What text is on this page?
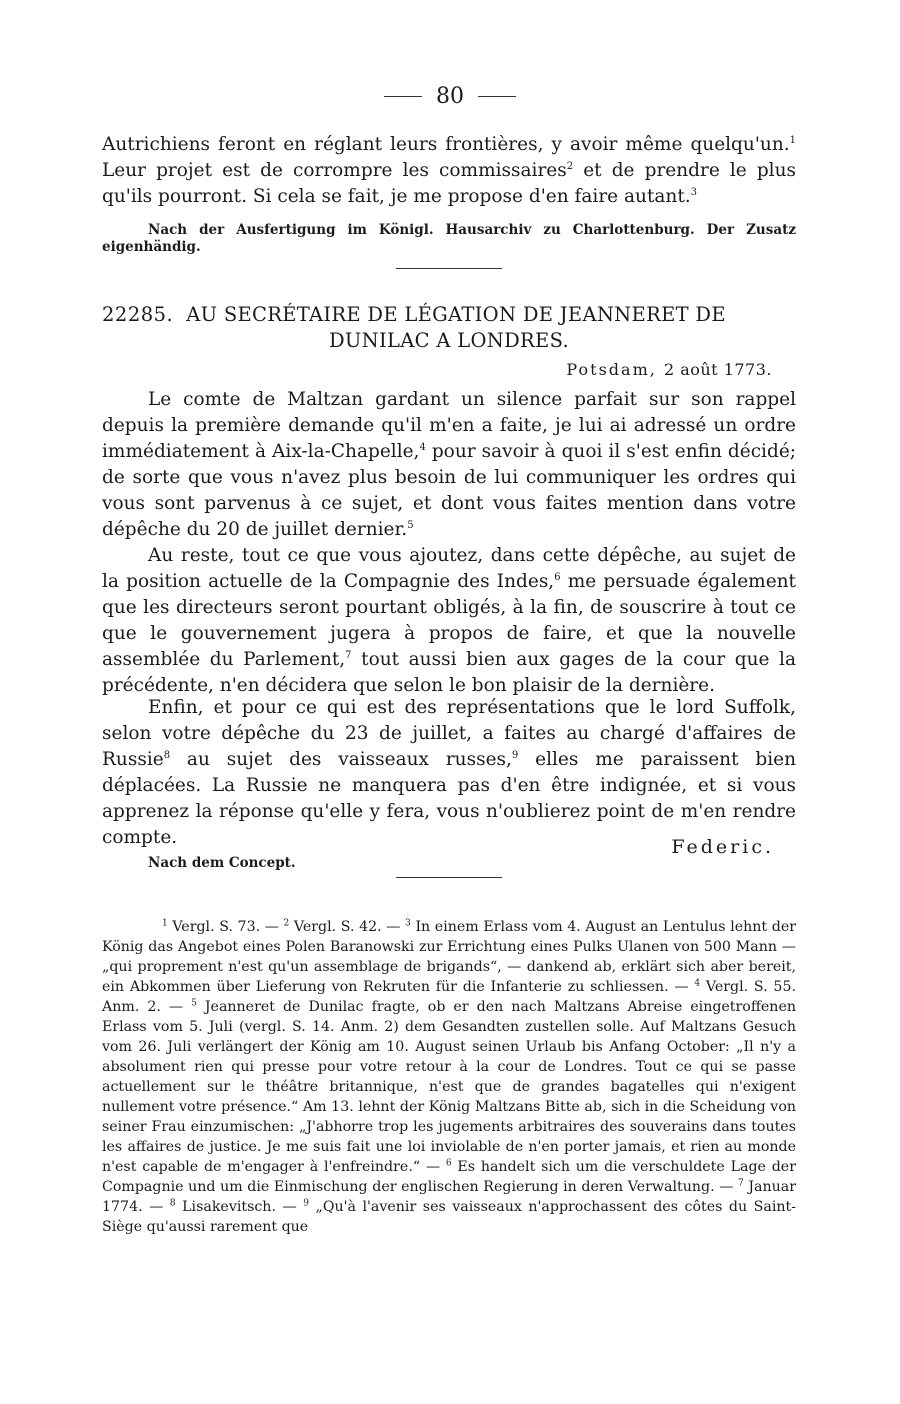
80

Autrichiens feront en réglant leurs frontières, y avoir même quelqu'un.$^1$ Leur projet est de corrompre les commissaires$^2$ et de prendre le plus qu'ils pourront. Si cela se fait, je me propose d'en faire autant.$^3$

Nach der Ausfertigung im Königl. Hausarchiv zu Charlottenburg. Der Zusatz eigenhändig.

22285. AU SECRÉTAIRE DE LÉGATION DE JEANNERET DE

DUNILAC A LONDRES.

Potsdam, 2 août 1773.

Le comte de Maltzan gardant un silence parfait sur son rappel depuis la première demande qu'il m'en a faite, je lui ai adressé un ordre immédiatement à Aix-la-Chapelle,$^4$ pour savoir à quoi il s'est enfin décidé; de sorte que vous n'avez plus besoin de lui communiquer les ordres qui vous sont parvenus à ce sujet, et dont vous faites mention dans votre dépêche du 20 de juillet dernier.$^5$

Au reste, tout ce que vous ajoutez, dans cette dépêche, au sujet de la position actuelle de la Compagnie des Indes,$^6$ me persuade également que les directeurs seront pourtant obligés, à la fin, de souscrire à tout ce que le gouvernement jugera à propos de faire, et que la nouvelle assemblée du Parlement,$^7$ tout aussi bien aux gages de la cour que la précédente, n'en décidera que selon le bon plaisir de la dernière.

Enfin, et pour ce qui est des représentations que le lord Suffolk, selon votre dépêche du 23 de juillet, a faites au chargé d'affaires de Russie$^8$ au sujet des vaisseaux russes,$^9$ elles me paraissent bien déplacées. La Russie ne manquera pas d'en être indignée, et si vous apprenez la réponse qu'elle y fera, vous n'oublierez point de m'en rendre compte.	Federic.
Nach dem Concept.

$^1$ Vergl. S. 73. — $^2$ Vergl. S. 42. — $^3$ In einem Erlass vom 4. August an Lentulus lehnt der König das Angebot eines Polen Baranowski zur Errichtung eines Pulks Ulanen von 500 Mann — „qui proprement n'est qu'un assemblage de brigands“, — dankend ab, erklärt sich aber bereit, ein Abkommen über Lieferung von Rekruten für die Infanterie zu schliessen. — $^4$ Vergl. S. 55. Anm. 2. — $^5$ Jeanneret de Dunilac fragte, ob er den nach Maltzans Abreise eingetroffenen Erlass vom 5. Juli (vergl. S. 14. Anm. 2) dem Gesandten zustellen solle. Auf Maltzans Gesuch vom 26. Juli verlängert der König am 10. August seinen Urlaub bis Anfang October: „Il n'y a absolument rien qui presse pour votre retour à la cour de Londres. Tout ce qui se passe actuellement sur le théâtre britannique, n'est que de grandes bagatelles qui n'exigent nullement votre présence.“ Am 13. lehnt der König Maltzans Bitte ab, sich in die Scheidung von seiner Frau einzumischen: „J'abhorre trop les jugements arbitraires des souverains dans toutes les affaires de justice. Je me suis fait une loi inviolable de n'en porter jamais, et rien au monde n'est capable de m'engager à l'enfreindre.“ — $^6$ Es handelt sich um die verschuldete Lage der Compagnie und um die Einmischung der englischen Regierung in deren Verwaltung. — $^7$ Januar 1774. — $^8$ Lisakevitsch. — $^9$ „Qu'à l'avenir ses vaisseaux n'approchassent des côtes du Saint-Siège qu'aussi rarement que
